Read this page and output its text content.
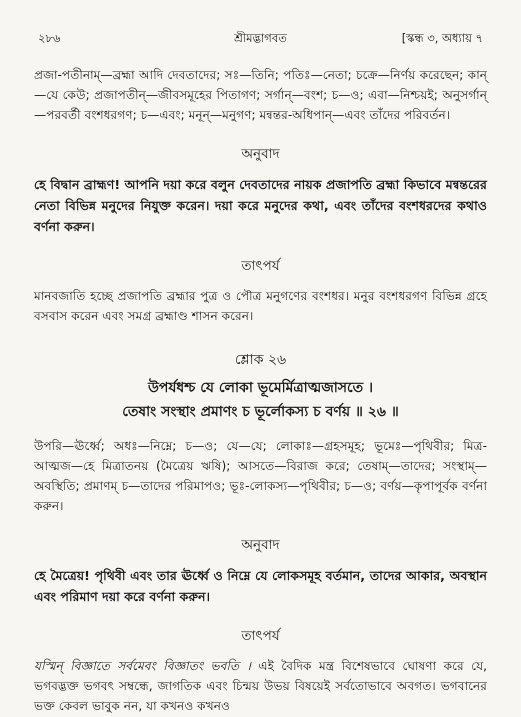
২৮৬	শ্রীমদ্ভাগবত	[স্কন্ধ ৩, অধ্যায় ৭

প্রজা-পতীনাম্—ব্রহ্মা আদি দেবতাদের; সঃ—তিনি; পতিঃ—নেতা; চক্রে—নির্ণয় করেছেন; কান্—যে কেউ; প্রজাপতীন্—জীবসমূহের পিতাগণ; সর্গান্—বংশ; চ—ও; এবা—নিশ্চয়ই; অনুসর্গান্—পরবর্তী বংশধরগণ; চ—এবং; মনূন্—মনুগণ; মন্বন্তর-অধিপান্—এবং তাঁদের পরিবর্তন।

অনুবাদ

হে বিদ্বান ব্রাহ্মণ! আপনি দয়া করে বলুন দেবতাদের নায়ক প্রজাপতি ব্রহ্মা কিভাবে মন্বন্তরের নেতা বিভিন্ন মনুদের নিযুক্ত করেন। দয়া করে মনুদের কথা, এবং তাঁদের বংশধরদের কথাও বর্ণনা করুন।

তাৎপর্য

মানবজাতি হচ্ছে প্রজাপতি ব্রহ্মার পুত্র ও পৌত্র মনুগণের বংশধর। মনুর বংশধরগণ বিভিন্ন গ্রহে বসবাস করেন এবং সমগ্র ব্রহ্মাণ্ড শাসন করেন।

শ্লোক ২৬

উপর্যধশ্চ যে লোকা ভূমের্মিত্রাত্মজাসতে ।

তেষাং সংস্থাং প্রমাণং চ ভূর্লোকস্য চ বর্ণয় ॥ ২৬ ॥

উপরি—ঊর্ধ্বে; অধঃ—নিম্নে; চ—ও; যে—যে; লোকাঃ—গ্রহসমূহ; ভূমেঃ—পৃথিবীর; মিত্র-আত্মজ—হে মিত্রাতনয় (মৈত্রেয় ঋষি); আসতে—বিরাজ করে; তেষাম্—তাদের; সংস্থাম্—অবস্থিতি; প্রমাণম্ চ—তাদের পরিমাপও; ভূঃ-লোকস্য—পৃথিবীর; চ—ও; বর্ণয়—কৃপাপূর্বক বর্ণনা করুন।

অনুবাদ

হে মৈত্রেয়! পৃথিবী এবং তার ঊর্ধ্বে ও নিম্নে যে লোকসমূহ বর্তমান, তাদের আকার, অবস্থান এবং পরিমাণ দয়া করে বর্ণনা করুন।

তাৎপর্য

যস্মিন্ বিজ্ঞাতে সর্বমেবং বিজ্ঞাতং ভবতি । এই বৈদিক মন্ত্র বিশেষভাবে ঘোষণা করে যে, ভগবদ্ভক্ত ভগবৎ সম্বন্ধে, জাগতিক এবং চিন্ময় উভয় বিষয়েই সর্বতোভাবে অবগত। ভগবানের ভক্ত কেবল ভাবুক নন, যা কখনও কখনও
